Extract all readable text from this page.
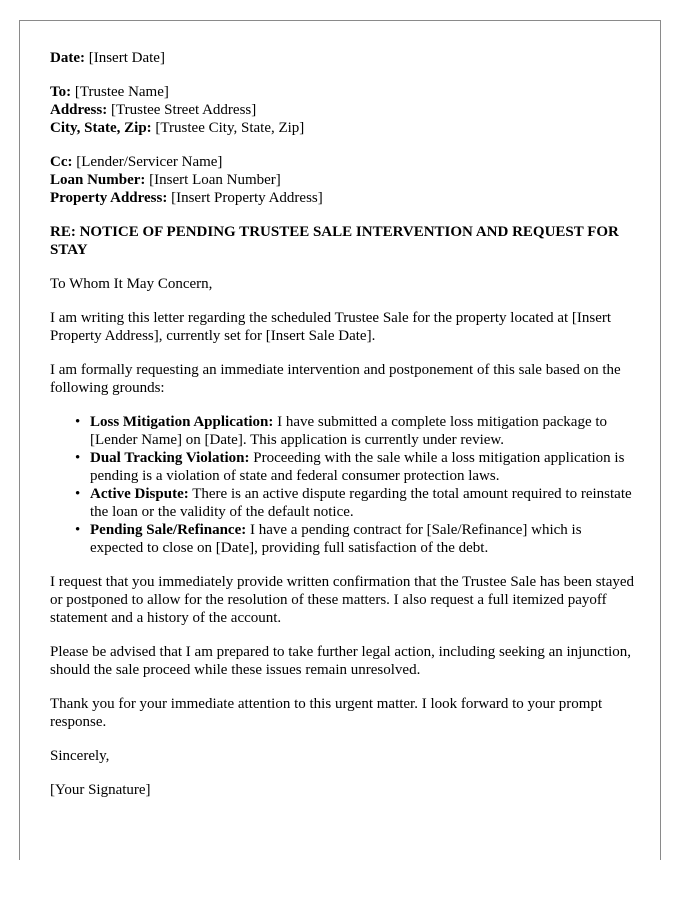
Date: [Insert Date]
To: [Trustee Name]
Address: [Trustee Street Address]
City, State, Zip: [Trustee City, State, Zip]
Cc: [Lender/Servicer Name]
Loan Number: [Insert Loan Number]
Property Address: [Insert Property Address]
RE: NOTICE OF PENDING TRUSTEE SALE INTERVENTION AND REQUEST FOR STAY

To Whom It May Concern,

I am writing this letter regarding the scheduled Trustee Sale for the property located at [Insert Property Address], currently set for [Insert Sale Date].

I am formally requesting an immediate intervention and postponement of this sale based on the following grounds:

• Loss Mitigation Application: I have submitted a complete loss mitigation package to [Lender Name] on [Date]. This application is currently under review.
• Dual Tracking Violation: Proceeding with the sale while a loss mitigation application is pending is a violation of state and federal consumer protection laws.
• Active Dispute: There is an active dispute regarding the total amount required to reinstate the loan or the validity of the default notice.
• Pending Sale/Refinance: I have a pending contract for [Sale/Refinance] which is expected to close on [Date], providing full satisfaction of the debt.

I request that you immediately provide written confirmation that the Trustee Sale has been stayed or postponed to allow for the resolution of these matters. I also request a full itemized payoff statement and a history of the account.

Please be advised that I am prepared to take further legal action, including seeking an injunction, should the sale proceed while these issues remain unresolved.

Thank you for your immediate attention to this urgent matter. I look forward to your prompt response.

Sincerely,

[Your Signature]
